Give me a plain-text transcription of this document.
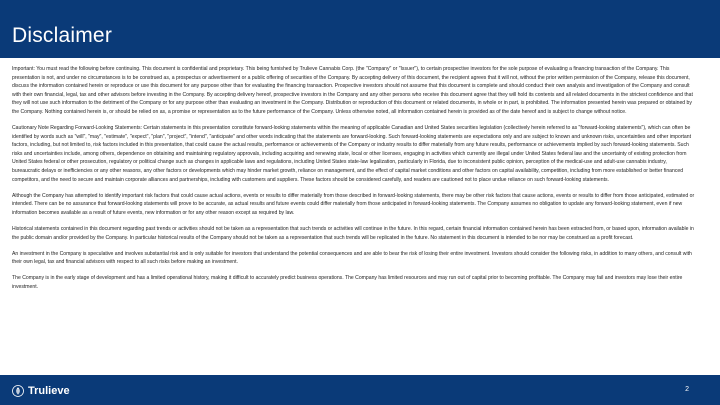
Disclaimer

Important: You must read the following before continuing. This document is confidential and proprietary. This being furnished by Trulieve Cannabis Corp. (the "Company" or "Issuer"), to certain prospective investors for the sole purpose of evaluating a financing transaction of the Company. This presentation is not, and under no circumstances is to be construed as, a prospectus or advertisement or a public offering of securities of the Company. By accepting delivery of this document, the recipient agrees that it will not, without the prior written permission of the Company, release this document, discuss the information contained herein or reproduce or use this document for any purpose other than for evaluating the financing transaction. Prospective investors should not assume that this document is complete and should conduct their own analysis and investigation of the Company and consult with their own financial, legal, tax and other advisors before investing in the Company. By accepting delivery hereof, prospective investors in the Company and any other persons who receive this document agree that they will hold its contents and all related documents in the strictest confidence and that they will not use such information to the detriment of the Company or for any purpose other than evaluating an investment in the Company. Distribution or reproduction of this document or related documents, in whole or in part, is prohibited. The information presented herein was prepared or obtained by the Company. Nothing contained herein is, or should be relied on as, a promise or representation as to the future performance of the Company. Unless otherwise noted, all information contained herein is provided as of the date hereof and is subject to change without notice.

Cautionary Note Regarding Forward-Looking Statements: Certain statements in this presentation constitute forward-looking statements within the meaning of applicable Canadian and United States securities legislation (collectively herein referred to as "forward-looking statements"), which can often be identified by words such as "will", "may", "estimate", "expect", "plan", "project", "intend", "anticipate" and other words indicating that the statements are forward-looking. Such forward-looking statements are expectations only and are subject to known and unknown risks, uncertainties and other important factors, including, but not limited to, risk factors included in this presentation, that could cause the actual results, performance or achievements of the Company or industry results to differ materially from any future results, performance or achievements implied by such forward-looking statements. Such risks and uncertainties include, among others, dependence on obtaining and maintaining regulatory approvals, including acquiring and renewing state, local or other licenses, engaging in activities which currently are illegal under United States federal law and the uncertainty of existing protection from United States federal or other prosecution, regulatory or political change such as changes in applicable laws and regulations, including United States state-law legalization, particularly in Florida, due to inconsistent public opinion, perception of the medical-use and adult-use cannabis industry, bureaucratic delays or inefficiencies or any other reasons, any other factors or developments which may hinder market growth, reliance on management, and the effect of capital market conditions and other factors on capital availability, competition, including from more established or better financed competitors, and the need to secure and maintain corporate alliances and partnerships, including with customers and suppliers. These factors should be considered carefully, and readers are cautioned not to place undue reliance on such forward-looking statements.

Although the Company has attempted to identify important risk factors that could cause actual actions, events or results to differ materially from those described in forward-looking statements, there may be other risk factors that cause actions, events or results to differ from those anticipated, estimated or intended. There can be no assurance that forward-looking statements will prove to be accurate, as actual results and future events could differ materially from those anticipated in forward-looking statements. The Company assumes no obligation to update any forward-looking statement, even if new information becomes available as a result of future events, new information or for any other reason except as required by law.

Historical statements contained in this document regarding past trends or activities should not be taken as a representation that such trends or activities will continue in the future. In this regard, certain financial information contained herein has been extracted from, or based upon, information available in the public domain and/or provided by the Company. In particular historical results of the Company should not be taken as a representation that such trends will be replicated in the future. No statement in this document is intended to be nor may be construed as a profit forecast.

An investment in the Company is speculative and involves substantial risk and is only suitable for investors that understand the potential consequences and are able to bear the risk of losing their entire investment. Investors should consider the following risks, in addition to many others, and consult with their own legal, tax and financial advisors with respect to all such risks before making an investment.

The Company is in the early stage of development and has a limited operational history, making it difficult to accurately predict business operations. The Company has limited resources and may run out of capital prior to becoming profitable. The Company may fail and investors may lose their entire investment.

Trulieve	2
